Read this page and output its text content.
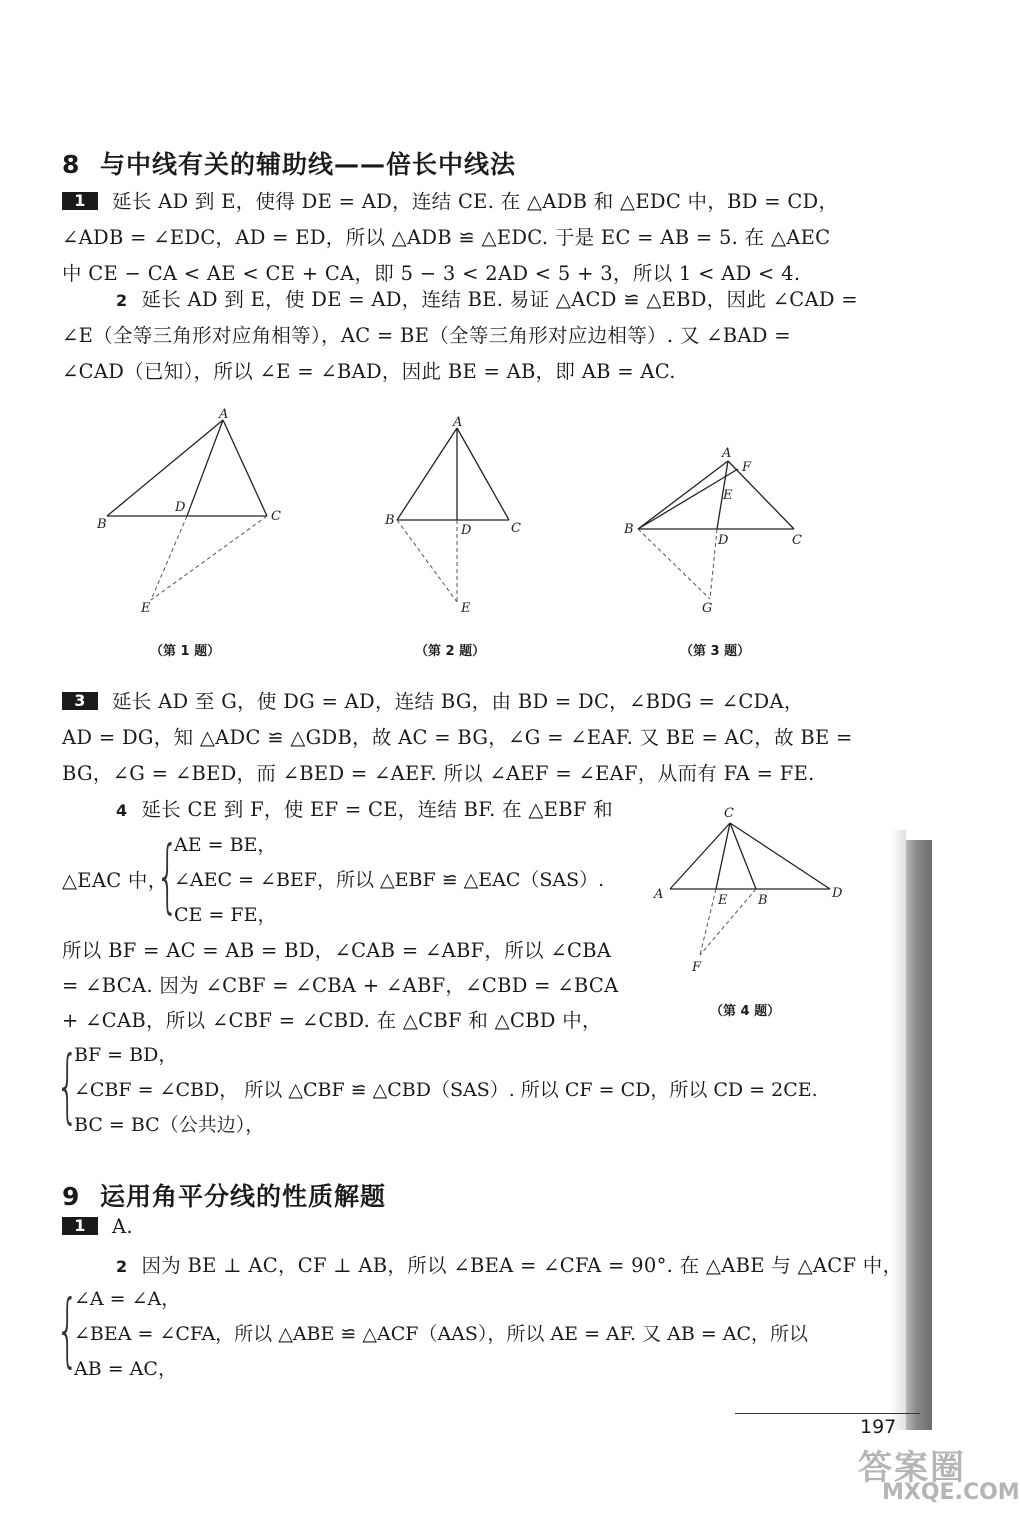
8 与中线有关的辅助线——倍长中线法
1 延长 AD 到 E，使得 DE = AD，连结 CE. 在 △ADB 和 △EDC 中，BD = CD，
∠ADB = ∠EDC，AD = ED，所以 △ADB ≌ △EDC. 于是 EC = AB = 5. 在 △AEC
中 CE − CA < AE < CE + CA，即 5 − 3 < 2AD < 5 + 3，所以 1 < AD < 4.
2 延长 AD 到 E，使 DE = AD，连结 BE. 易证 △ACD ≌ △EBD，因此 ∠CAD =
∠E（全等三角形对应角相等），AC = BE（全等三角形对应边相等）. 又 ∠BAD =
∠CAD（已知），所以 ∠E = ∠BAD，因此 BE = AB，即 AB = AC.
A
B
C
D
E
（第 1 题）
A
B
D	C
E
（第 2 题）
A
F
E
B
D	C
G
（第 3 题）
3 延长 AD 至 G，使 DG = AD，连结 BG，由 BD = DC，∠BDG = ∠CDA，
AD = DG，知 △ADC ≌ △GDB，故 AC = BG，∠G = ∠EAF. 又 BE = AC，故 BE =
BG，∠G = ∠BED，而 ∠BED = ∠AEF. 所以 ∠AEF = ∠EAF，从而有 FA = FE.
4 延长 CE 到 F，使 EF = CE，连结 BF. 在 △EBF 和
△EAC 中，
{
AE = BE，
∠AEC = ∠BEF，所以 △EBF ≌ △EAC（SAS）.
CE = FE，
所以 BF = AC = AB = BD，∠CAB = ∠ABF，所以 ∠CBA
= ∠BCA. 因为 ∠CBF = ∠CBA + ∠ABF，∠CBD = ∠BCA
+ ∠CAB，所以 ∠CBF = ∠CBD. 在 △CBF 和 △CBD 中，
C
A	E B	D
F
（第 4 题）
{
BF = BD，
∠CBF = ∠CBD， 所以 △CBF ≌ △CBD（SAS）. 所以 CF = CD，所以 CD = 2CE.
BC = BC（公共边），
9 运用角平分线的性质解题
1 A.
2 因为 BE ⊥ AC，CF ⊥ AB，所以 ∠BEA = ∠CFA = 90°. 在 △ABE 与 △ACF 中，
{
∠A = ∠A，
∠BEA = ∠CFA，所以 △ABE ≌ △ACF（AAS），所以 AE = AF. 又 AB = AC，所以
AB = AC，
197
答案圈
MXQE.COM
